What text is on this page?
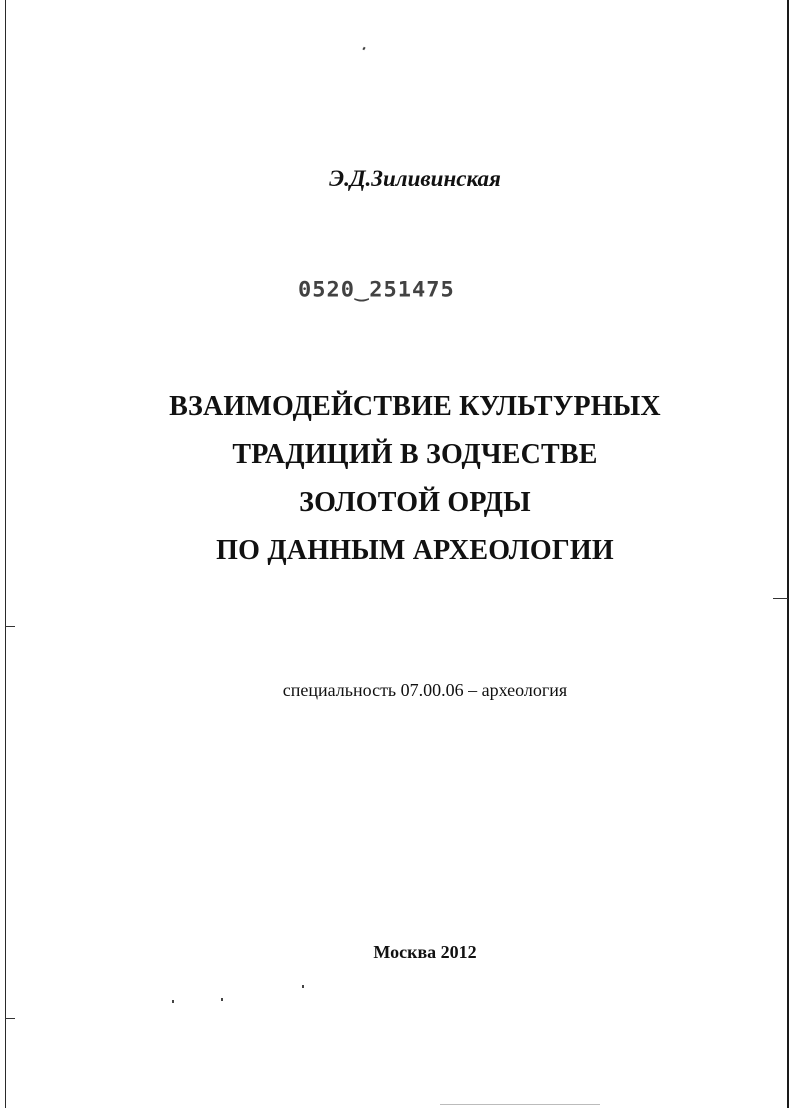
Э.Д.Зиливинская
0520‿251475
ВЗАИМОДЕЙСТВИЕ КУЛЬТУРНЫХ
ТРАДИЦИЙ В ЗОДЧЕСТВЕ
ЗОЛОТОЙ ОРДЫ
ПО ДАННЫМ АРХЕОЛОГИИ
специальность 07.00.06 – археология
Москва 2012
